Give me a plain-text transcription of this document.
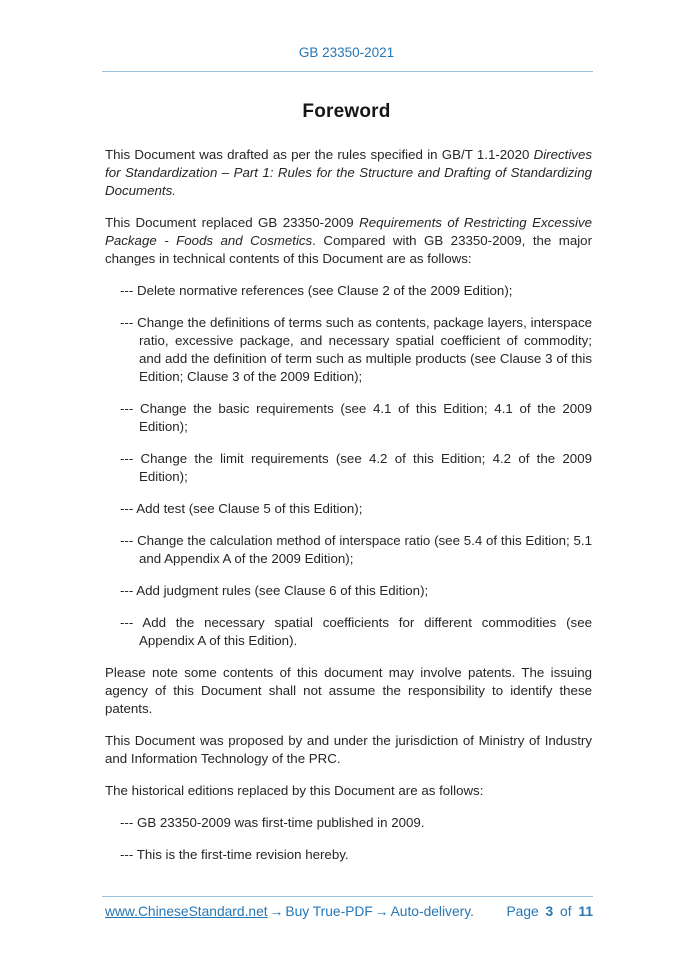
GB 23350-2021
Foreword

This Document was drafted as per the rules specified in GB/T 1.1-2020 Directives for Standardization – Part 1: Rules for the Structure and Drafting of Standardizing Documents.

This Document replaced GB 23350-2009 Requirements of Restricting Excessive Package - Foods and Cosmetics. Compared with GB 23350-2009, the major changes in technical contents of this Document are as follows:

--- Delete normative references (see Clause 2 of the 2009 Edition);

--- Change the definitions of terms such as contents, package layers, interspace ratio, excessive package, and necessary spatial coefficient of commodity; and add the definition of term such as multiple products (see Clause 3 of this Edition; Clause 3 of the 2009 Edition);

--- Change the basic requirements (see 4.1 of this Edition; 4.1 of the 2009 Edition);

--- Change the limit requirements (see 4.2 of this Edition; 4.2 of the 2009 Edition);

--- Add test (see Clause 5 of this Edition);

--- Change the calculation method of interspace ratio (see 5.4 of this Edition; 5.1 and Appendix A of the 2009 Edition);

--- Add judgment rules (see Clause 6 of this Edition);

--- Add the necessary spatial coefficients for different commodities (see Appendix A of this Edition).

Please note some contents of this document may involve patents. The issuing agency of this Document shall not assume the responsibility to identify these patents.

This Document was proposed by and under the jurisdiction of Ministry of Industry and Information Technology of the PRC.

The historical editions replaced by this Document are as follows:

--- GB 23350-2009 was first-time published in 2009.

--- This is the first-time revision hereby.

www.ChineseStandard.net → Buy True-PDF → Auto-delivery. Page 3 of 11
